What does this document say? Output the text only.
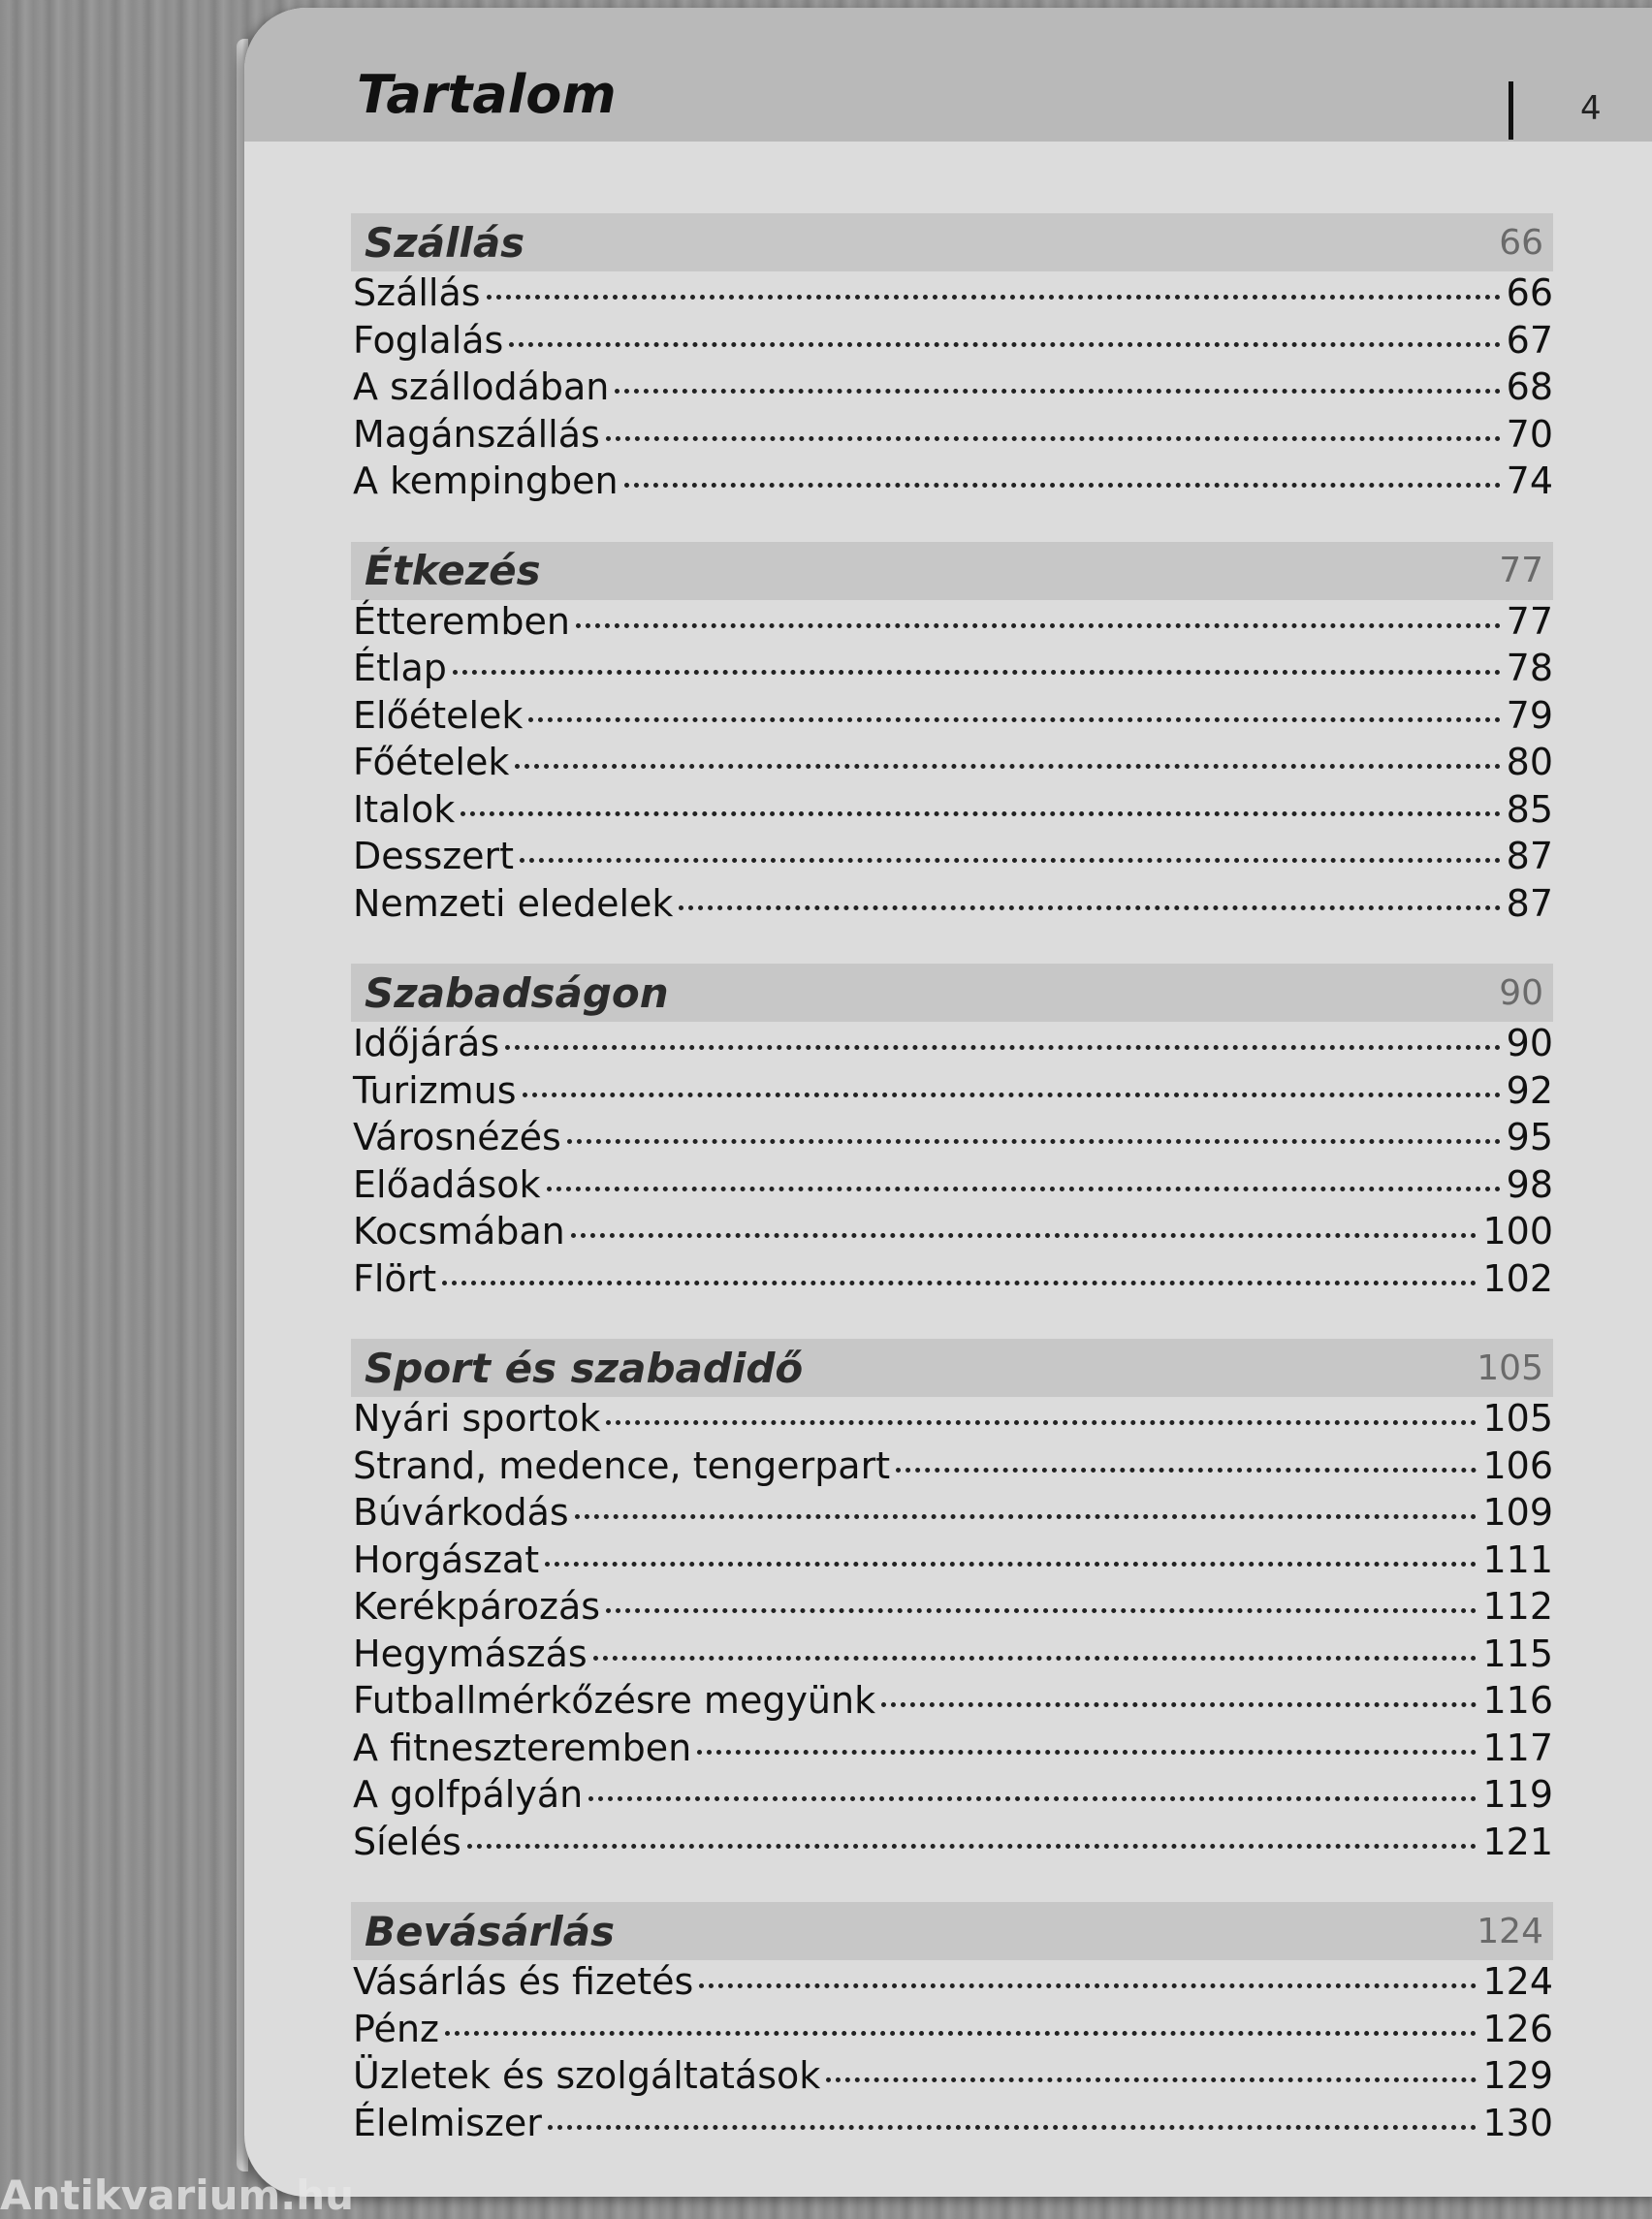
Tartalom	4
Szállás	66
Szállás	66
Foglalás	67
A szállodában	68
Magánszállás	70
A kempingben	74
Étkezés	77
Étteremben	77
Étlap	78
Előételek	79
Főételek	80
Italok	85
Desszert	87
Nemzeti eledelek	87
Szabadságon	90
Időjárás	90
Turizmus	92
Városnézés	95
Előadások	98
Kocsmában	100
Flört	102
Sport és szabadidő	105
Nyári sportok	105
Strand, medence, tengerpart	106
Búvárkodás	109
Horgászat	111
Kerékpározás	112
Hegymászás	115
Futballmérkőzésre megyünk	116
A fitneszteremben	117
A golfpályán	119
Síelés	121
Bevásárlás	124
Vásárlás és fizetés	124
Pénz	126
Üzletek és szolgáltatások	129
Élelmiszer	130
Antikvarium.hu
